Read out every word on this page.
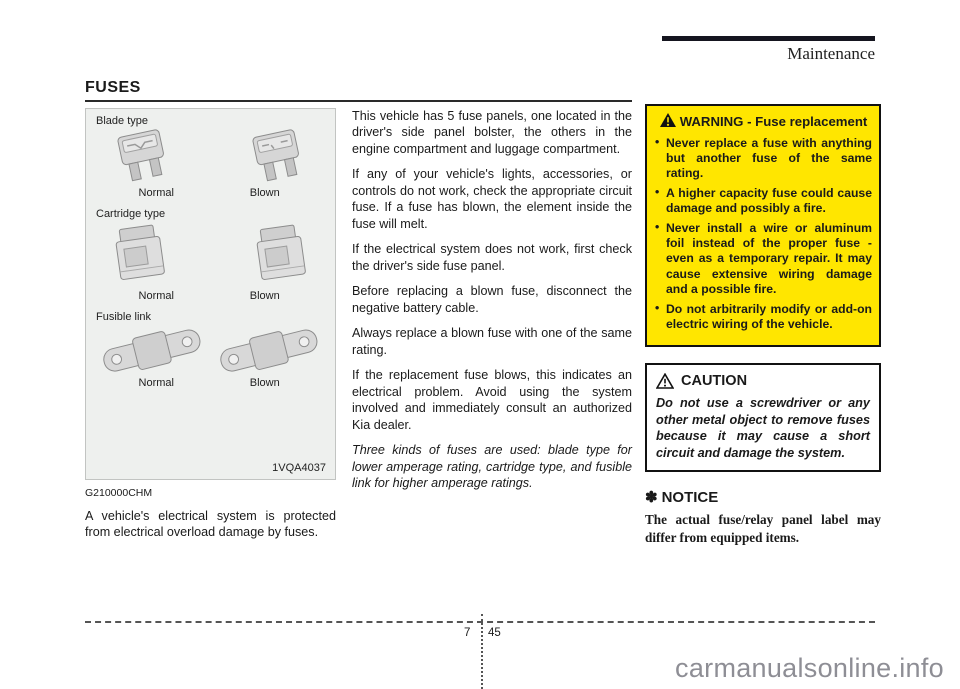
Maintenance
FUSES
Blade type
Normal	Blown
Cartridge type
Normal	Blown
Fusible link
Normal	Blown
1VQA4037
G210000CHM

A vehicle's electrical system is protected from electrical overload damage by fuses.

This vehicle has 5 fuse panels, one located in the driver's side panel bolster, the others in the engine compartment and luggage compartment.

If any of your vehicle's lights, accessories, or controls do not work, check the appropriate circuit fuse. If a fuse has blown, the element inside the fuse will melt.

If the electrical system does not work, first check the driver's side fuse panel.

Before replacing a blown fuse, disconnect the negative battery cable.

Always replace a blown fuse with one of the same rating.

If the replacement fuse blows, this indicates an electrical problem. Avoid using the system involved and immediately consult an authorized Kia dealer.

Three kinds of fuses are used: blade type for lower amperage rating, cartridge type, and fusible link for higher amperage ratings.

WARNING - Fuse replacement
• Never replace a fuse with anything but another fuse of the same rating.
• A higher capacity fuse could cause damage and possibly a fire.
• Never install a wire or aluminum foil instead of the proper fuse - even as a temporary repair. It may cause extensive wiring damage and a possible fire.
• Do not arbitrarily modify or add-on electric wiring of the vehicle.
CAUTION
Do not use a screwdriver or any other metal object to remove fuses because it may cause a short circuit and damage the system.
✽ NOTICE
The actual fuse/relay panel label may differ from equipped items.
7 45
carmanualsonline.info
